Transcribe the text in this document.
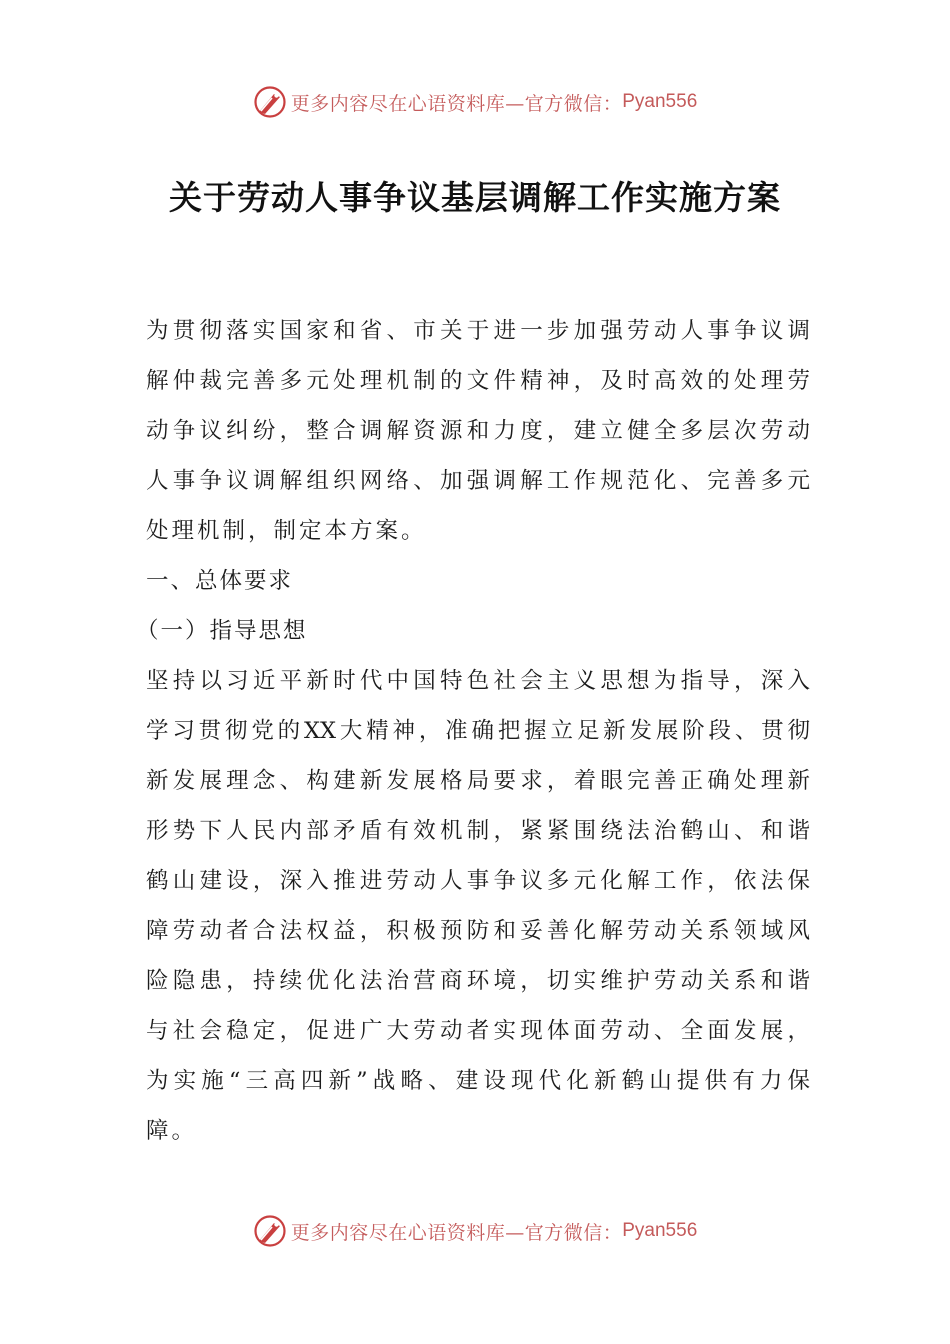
更多内容尽在心语资料库—官方微信： Pyan556
关于劳动人事争议基层调解工作实施方案
为贯彻落实国家和省、市关于进一步加强劳动人事争议调
解仲裁完善多元处理机制的文件精神，及时高效的处理劳
动争议纠纷，整合调解资源和力度，建立健全多层次劳动
人事争议调解组织网络、加强调解工作规范化、完善多元
处理机制，制定本方案。
一、总体要求
（一）指导思想
坚持以习近平新时代中国特色社会主义思想为指导，深入
学习贯彻党的XX大精神，准确把握立足新发展阶段、贯彻
新发展理念、构建新发展格局要求，着眼完善正确处理新
形势下人民内部矛盾有效机制，紧紧围绕法治鹤山、和谐
鹤山建设，深入推进劳动人事争议多元化解工作，依法保
障劳动者合法权益，积极预防和妥善化解劳动关系领域风
险隐患，持续优化法治营商环境，切实维护劳动关系和谐
与社会稳定，促进广大劳动者实现体面劳动、全面发展，
为实施“三高四新”战略、建设现代化新鹤山提供有力保
障。
更多内容尽在心语资料库—官方微信： Pyan556
